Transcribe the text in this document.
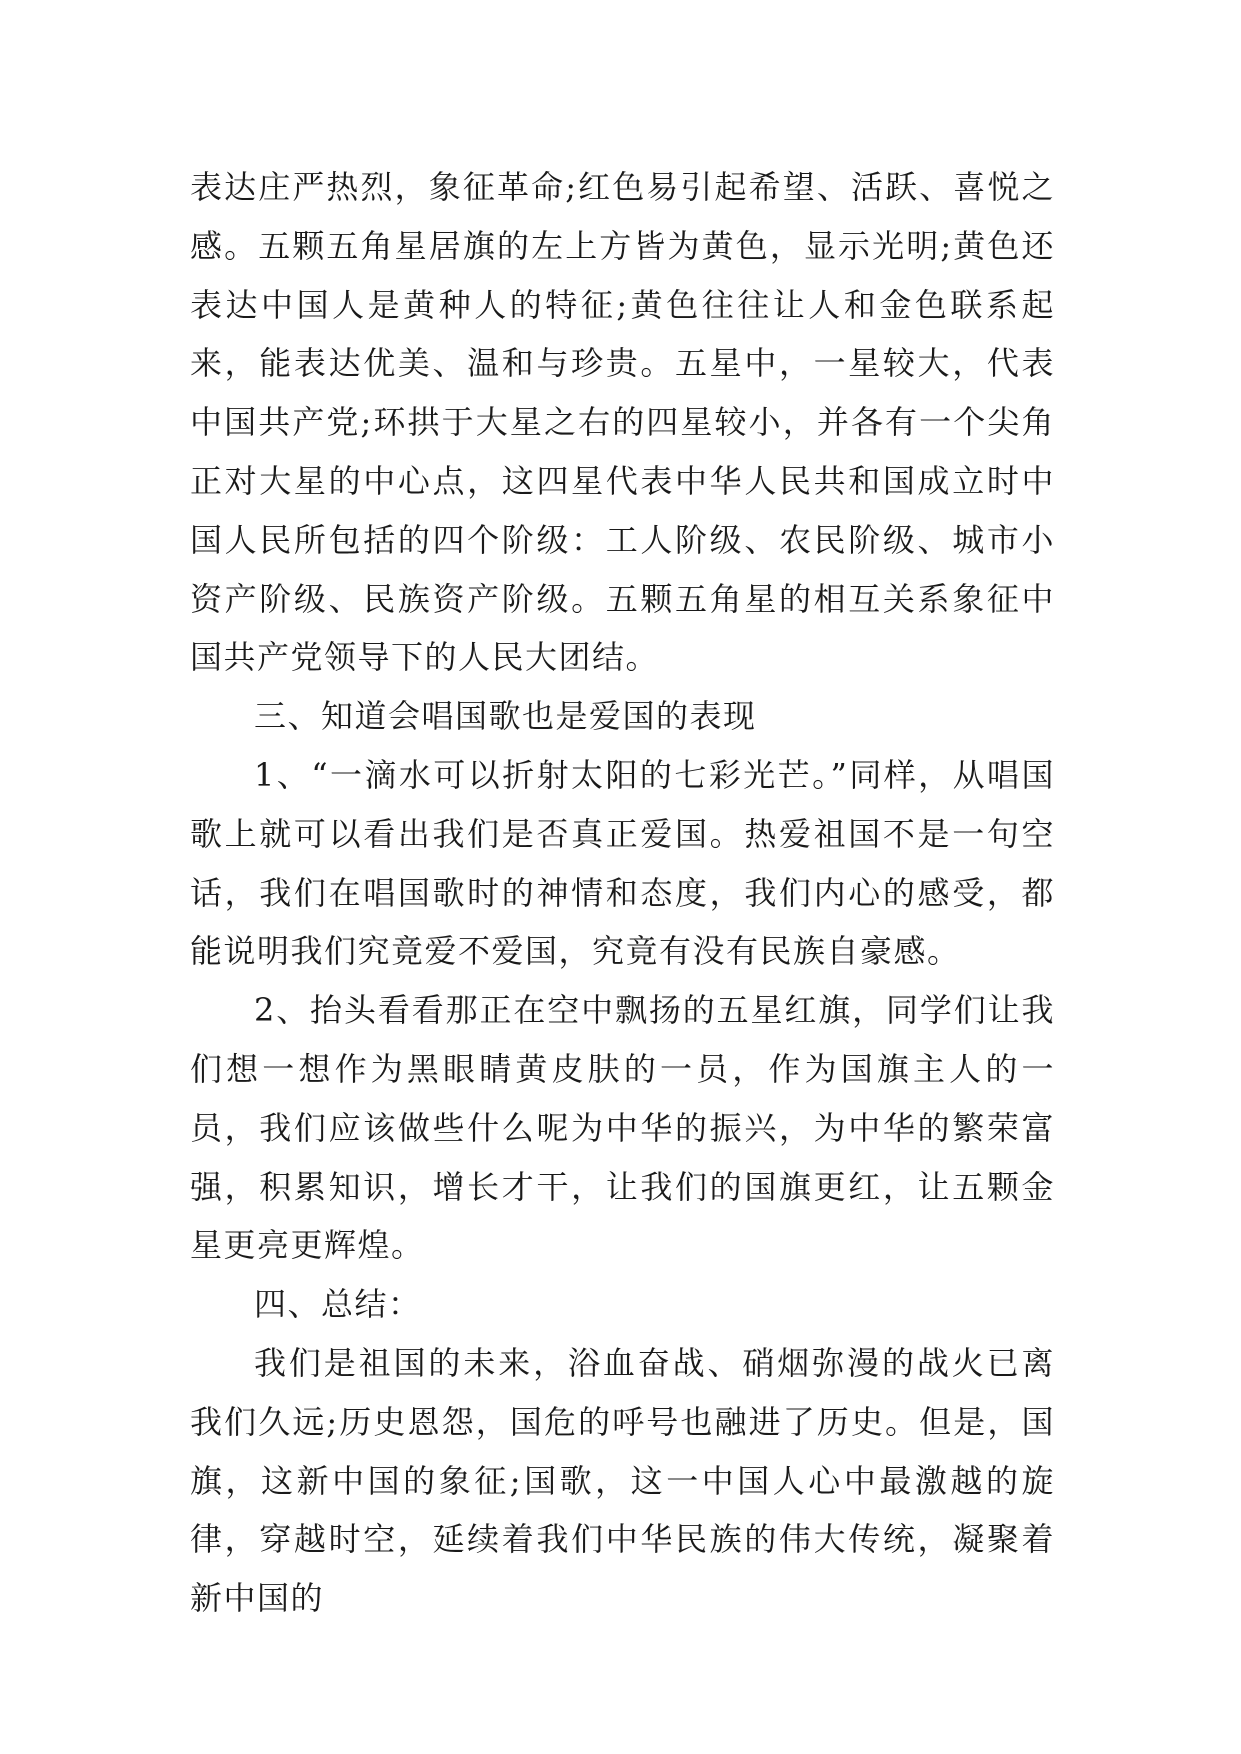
表达庄严热烈，象征革命;红色易引起希望、活跃、喜悦之感。五颗五角星居旗的左上方皆为黄色，显示光明;黄色还表达中国人是黄种人的特征;黄色往往让人和金色联系起来，能表达优美、温和与珍贵。五星中，一星较大，代表中国共产党;环拱于大星之右的四星较小，并各有一个尖角正对大星的中心点，这四星代表中华人民共和国成立时中国人民所包括的四个阶级：工人阶级、农民阶级、城市小资产阶级、民族资产阶级。五颗五角星的相互关系象征中国共产党领导下的人民大团结。

三、知道会唱国歌也是爱国的表现

1、“一滴水可以折射太阳的七彩光芒。”同样，从唱国歌上就可以看出我们是否真正爱国。热爱祖国不是一句空话，我们在唱国歌时的神情和态度，我们内心的感受，都能说明我们究竟爱不爱国，究竟有没有民族自豪感。

2、抬头看看那正在空中飘扬的五星红旗，同学们让我们想一想作为黑眼睛黄皮肤的一员，作为国旗主人的一员，我们应该做些什么呢为中华的振兴，为中华的繁荣富强，积累知识，增长才干，让我们的国旗更红，让五颗金星更亮更辉煌。

四、总结：

我们是祖国的未来，浴血奋战、硝烟弥漫的战火已离我们久远;历史恩怨，国危的呼号也融进了历史。但是，国旗，这新中国的象征;国歌，这一中国人心中最激越的旋律，穿越时空，延续着我们中华民族的伟大传统，凝聚着新中国的
